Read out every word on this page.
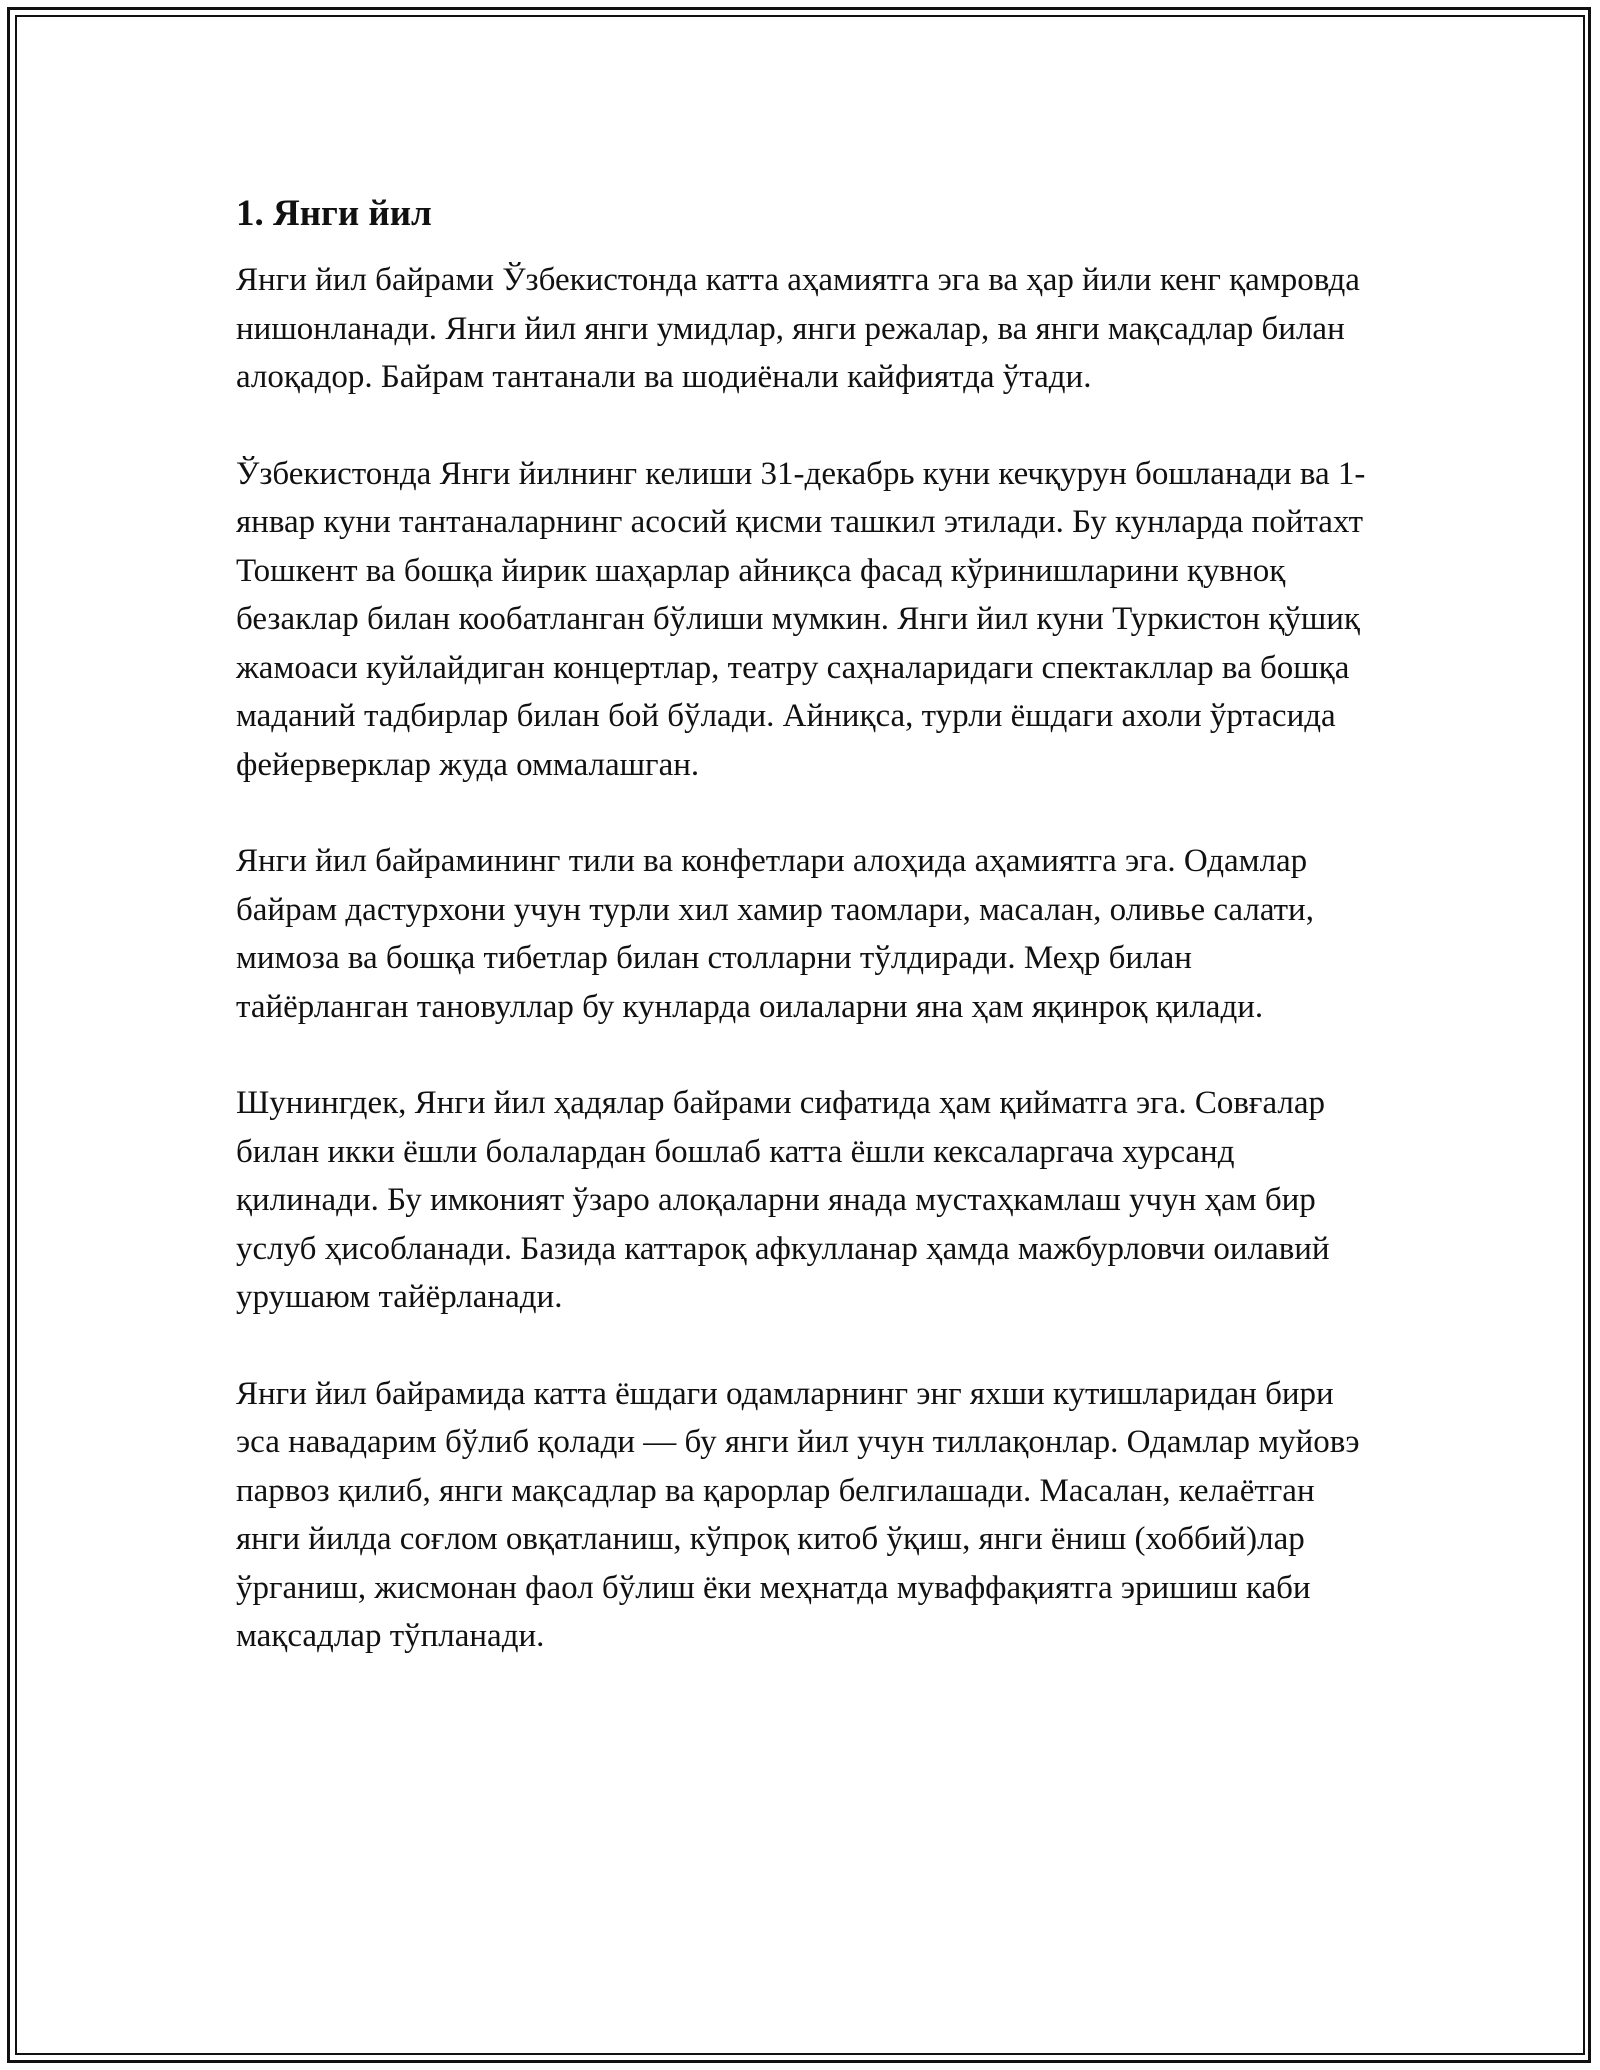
1. Янги йил

Янги йил байрами Ўзбекистонда катта аҳамиятга эга ва ҳар йили кенг қамровда нишонланади. Янги йил янги умидлар, янги режалар, ва янги мақсадлар билан алоқадор. Байрам тантанали ва шодиёнали кайфиятда ўтади.

Ўзбекистонда Янги йилнинг келиши 31-декабрь куни кечқурун бошланади ва 1-январ куни тантаналарнинг асосий қисми ташкил этилади. Бу кунларда пойтахт Тошкент ва бошқа йирик шаҳарлар айниқса фасад кўринишларини қувноқ безаклар билан кообатланган бўлиши мумкин. Янги йил куни Туркистон қўшиқ жамоаси куйлайдиган концертлар, театру саҳналаридаги спектакллар ва бошқа маданий тадбирлар билан бой бўлади. Айниқса, турли ёшдаги ахоли ўртасида фейерверклар жуда оммалашган.

Янги йил байрамининг тили ва конфетлари алоҳида аҳамиятга эга. Одамлар байрам дастурхони учун турли хил хамир таомлари, масалан, оливье салати, мимоза ва бошқа тибетлар билан столларни тўлдиради. Меҳр билан тайёрланган тановуллар бу кунларда оилаларни яна ҳам яқинроқ қилади.

Шунингдек, Янги йил ҳадялар байрами сифатида ҳам қийматга эга. Совғалар билан икки ёшли болалардан бошлаб катта ёшли кексаларгача хурсанд қилинади. Бу имконият ўзаро алоқаларни янада мустаҳкамлаш учун ҳам бир услуб ҳисобланади. Базида каттароқ афкулланар ҳамда мажбурловчи оилавий урушаюм тайёрланади.

Янги йил байрамида катта ёшдаги одамларнинг энг яхши кутишларидан бири эса навадарим бўлиб қолади — бу янги йил учун тиллақонлар. Одамлар муйовэ парвоз қилиб, янги мақсадлар ва қарорлар белгилашади. Масалан, келаётган янги йилда соғлом овқатланиш, кўпроқ китоб ўқиш, янги ёниш (хоббий)лар ўрганиш, жисмонан фаол бўлиш ёки меҳнатда муваффақиятга эришиш каби мақсадлар тўпланади.
